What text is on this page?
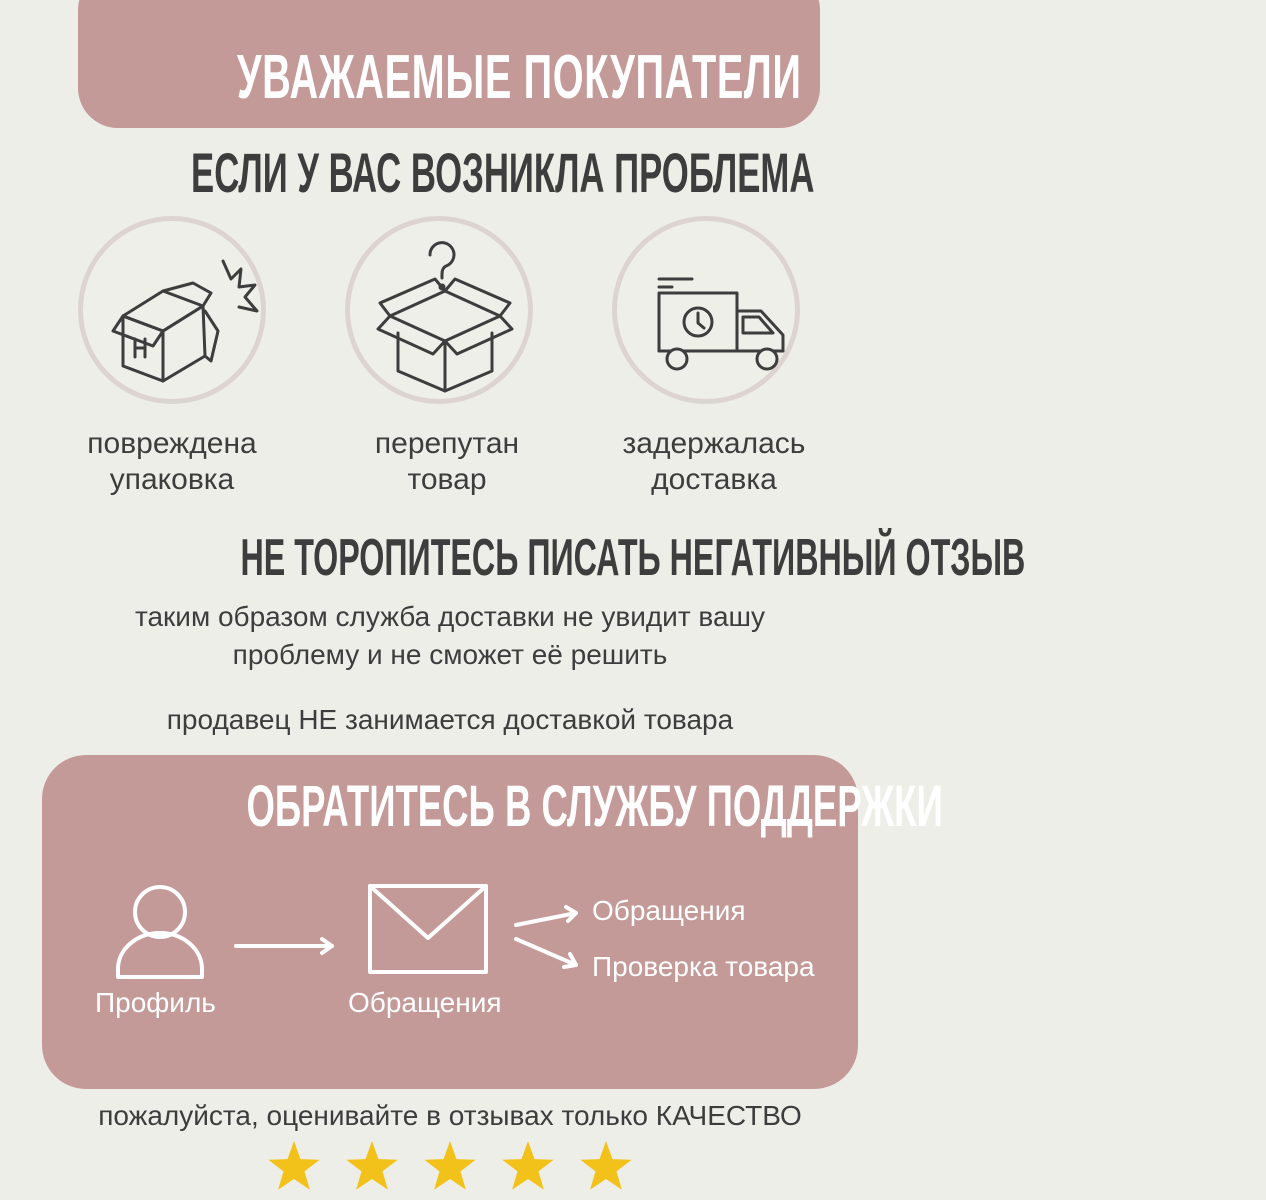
УВАЖАЕМЫЕ ПОКУПАТЕЛИ
ЕСЛИ У ВАС ВОЗНИКЛА ПРОБЛЕМА
повреждена
упаковка
перепутан
товар
задержалась
доставка
НЕ ТОРОПИТЕСЬ ПИСАТЬ НЕГАТИВНЫЙ ОТЗЫВ
таким образом служба доставки не увидит вашу
проблему и не сможет её решить
продавец НЕ занимается доставкой товара
ОБРАТИТЕСЬ В СЛУЖБУ ПОДДЕРЖКИ
Профиль	Обращения
Обращения
Проверка товара
пожалуйста, оценивайте в отзывах только КАЧЕСТВО
